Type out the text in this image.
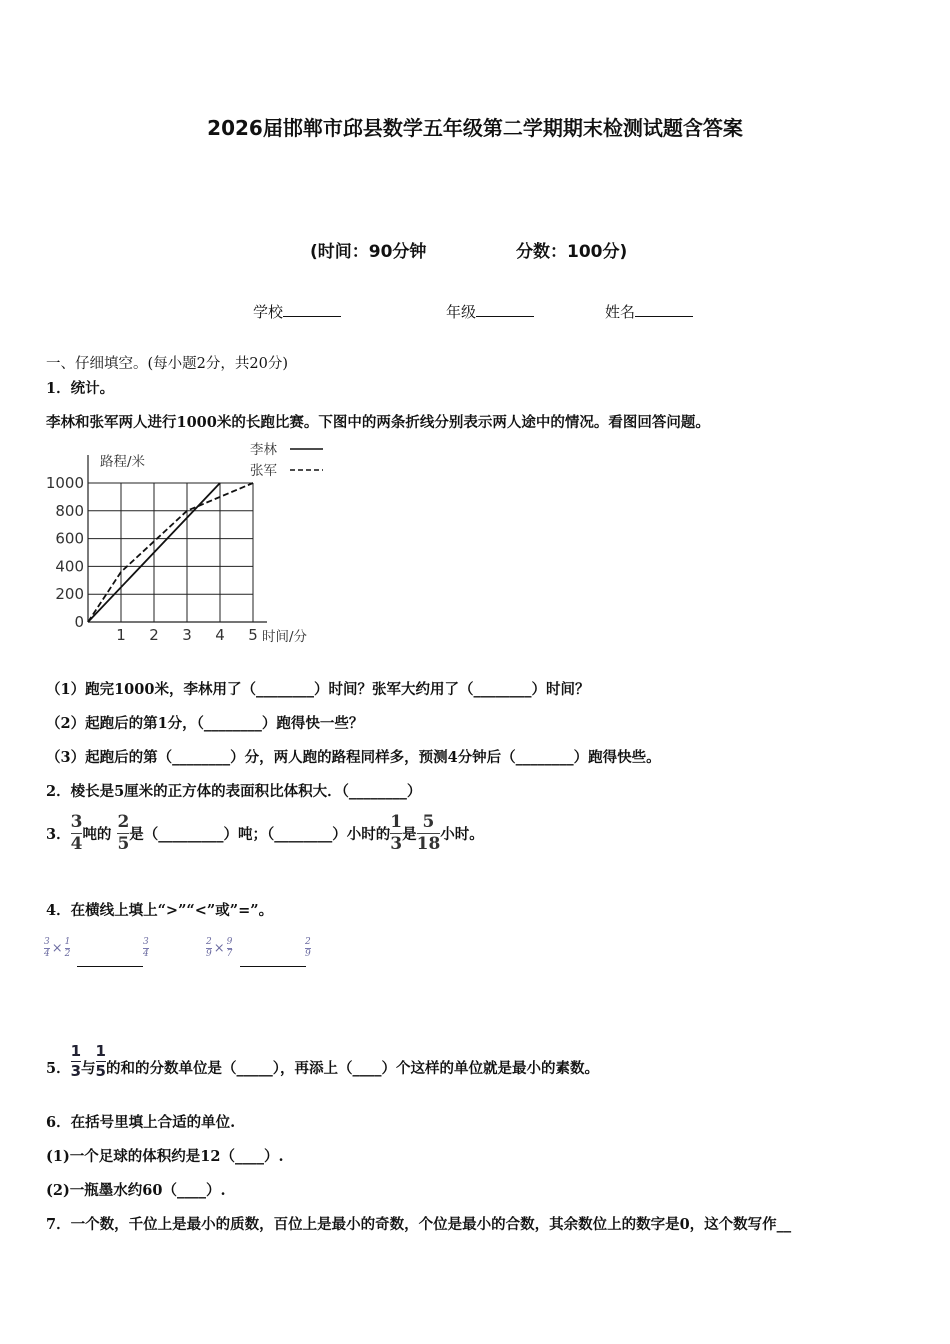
2026届邯郸市邱县数学五年级第二学期期末检测试题含答案
(时间：90分钟	分数：100分)
学校	年级	姓名
一、仔细填空。(每小题2分，共20分)
1．统计。
李林和张军两人进行1000米的长跑比赛。下图中的两条折线分别表示两人途中的情况。看图回答问题。
0
200
400
600
800
1000
1 2 3 4 5
路程/米
时间/分
李林
张军
（1）跑完1000米，李林用了（________）时间？张军大约用了（________）时间？
（2）起跑后的第1分，（________）跑得快一些？
（3）起跑后的第（________）分，两人跑的路程同样多，预测4分钟后（________）跑得快些。
2．棱长是5厘米的正方体的表面积比体积大．（________）
3． $\frac{3}{4}$ 吨的 $\frac{2}{5}$ 是（_________）吨；（________）小时的 $\frac{1}{3}$ 是 $\frac{5}{18}$ 小时。
4．在横线上填上“>”“<”或”=”。
3
4 × 1
2	$\frac{3}{4}$	2
9 × 9
7	$\frac{2}{9}$
5．
1
3 与
1
5 的和的分数单位是（_____），再添上（____）个这样的单位就是最小的素数。
6．在括号里填上合适的单位.
(1)一个足球的体积约是12（____）.
(2)一瓶墨水约60（____）.
7．一个数，千位上是最小的质数，百位上是最小的奇数，个位是最小的合数，其余数位上的数字是0，这个数写作__
